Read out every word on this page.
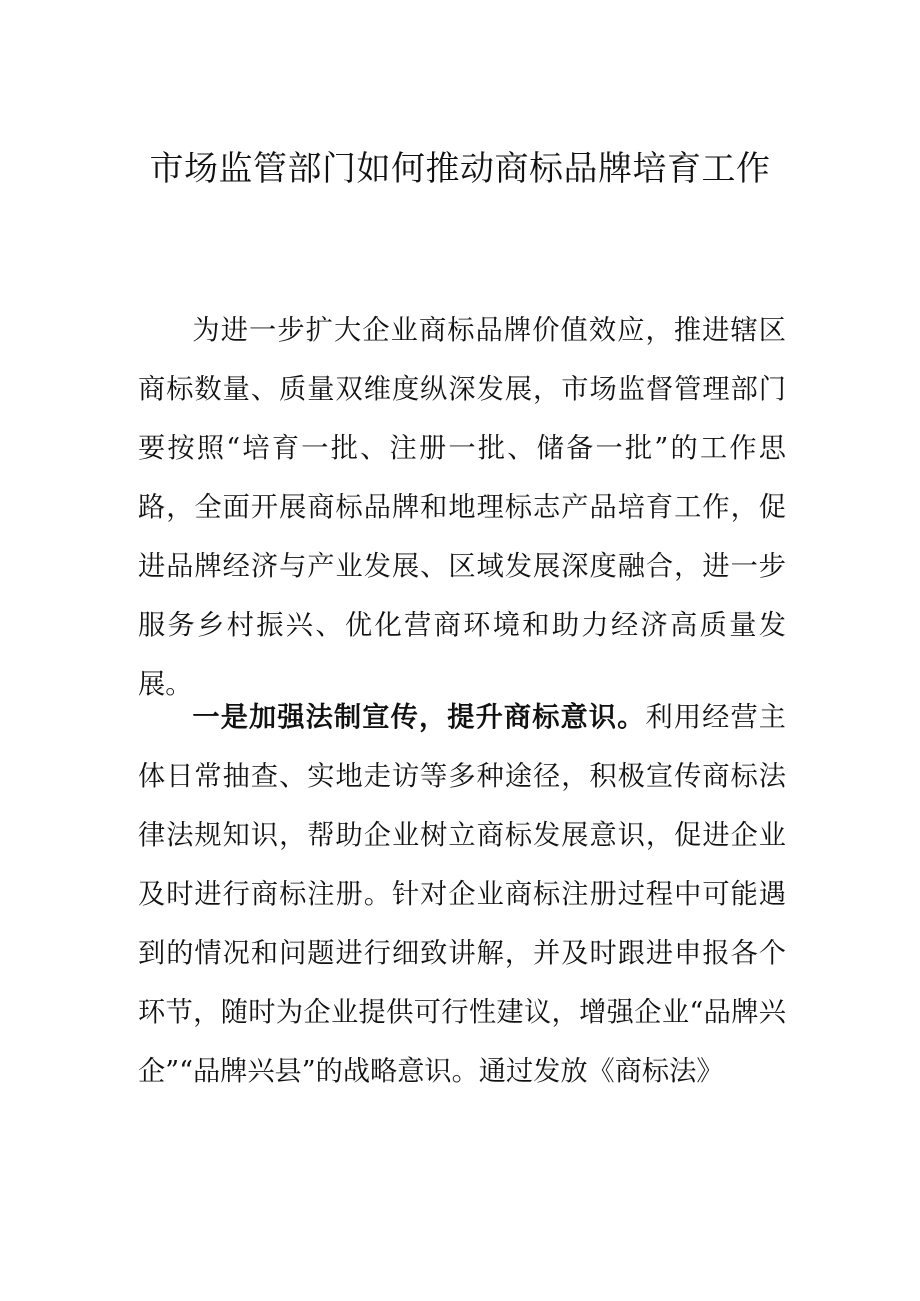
市场监管部门如何推动商标品牌培育工作

为进一步扩大企业商标品牌价值效应，推进辖区商标数量、质量双维度纵深发展，市场监督管理部门要按照“培育一批、注册一批、储备一批”的工作思路，全面开展商标品牌和地理标志产品培育工作，促进品牌经济与产业发展、区域发展深度融合，进一步服务乡村振兴、优化营商环境和助力经济高质量发展。

一是加强法制宣传，提升商标意识。利用经营主体日常抽查、实地走访等多种途径，积极宣传商标法律法规知识，帮助企业树立商标发展意识，促进企业及时进行商标注册。针对企业商标注册过程中可能遇到的情况和问题进行细致讲解，并及时跟进申报各个环节，随时为企业提供可行性建议，增强企业“品牌兴企”“品牌兴县”的战略意识。通过发放《商标法》
